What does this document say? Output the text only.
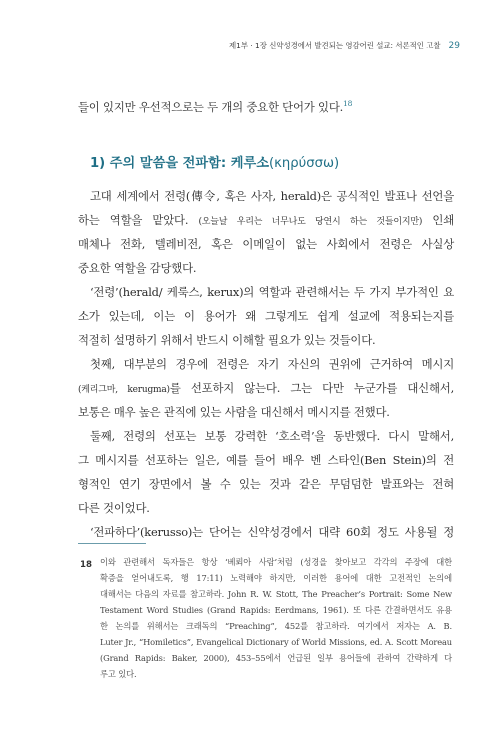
제1부 · 1장 신약성경에서 발견되는 영감어린 설교: 서론적인 고찰 29
들이 있지만 우선적으로는 두 개의 중요한 단어가 있다.$^{18}$
고대 세계에서 전령(傳令, 혹은 사자, herald)은 공식적인 발표나 선언을
하는 역할을 맡았다. (오늘날 우리는 너무나도 당연시 하는 것들이지만) 인쇄
매체나 전화, 텔레비전, 혹은 이메일이 없는 사회에서 전령은 사실상
중요한 역할을 감당했다.
‘전령’(herald/ 케룩스, kerux)의 역할과 관련해서는 두 가지 부가적인 요
소가 있는데, 이는 이 용어가 왜 그렇게도 쉽게 설교에 적용되는지를
적절히 설명하기 위해서 반드시 이해할 필요가 있는 것들이다.
첫째, 대부분의 경우에 전령은 자기 자신의 권위에 근거하여 메시지
(케리그마, kerugma)를 선포하지 않는다. 그는 다만 누군가를 대신해서,
보통은 매우 높은 관직에 있는 사람을 대신해서 메시지를 전했다.
둘째, 전령의 선포는 보통 강력한 ‘호소력’을 동반했다. 다시 말해서,
그 메시지를 선포하는 일은, 예를 들어 배우 벤 스타인(Ben Stein)의 전
형적인 연기 장면에서 볼 수 있는 것과 같은 무덤덤한 발표와는 전혀
다른 것이었다.
‘전파하다’(kerusso)는 단어는 신약성경에서 대략 60회 정도 사용될 정
1) 주의 말씀을 전파함: 케루소(κηρύσσω)
18 이와 관련해서 독자들은 항상 ‘베뢰아 사람’처럼 (성경을 찾아보고 각각의 주장에 대한
확증을 얻어내도록, 행 17:11) 노력해야 하지만, 이러한 용어에 대한 고전적인 논의에
대해서는 다음의 자료를 참고하라. John R. W. Stott, The Preacher’s Portrait: Some New
Testament Word Studies (Grand Rapids: Eerdmans, 1961). 또 다른 간결하면서도 유용
한 논의를 위해서는 크래독의 “Preaching”, 452를 참고하라. 여기에서 저자는 A. B.
Luter Jr., “Homiletics”, Evangelical Dictionary of World Missions, ed. A. Scott Moreau
(Grand Rapids: Baker, 2000), 453–55에서 언급된 일부 용어들에 관하여 간략하게 다
루고 있다.
